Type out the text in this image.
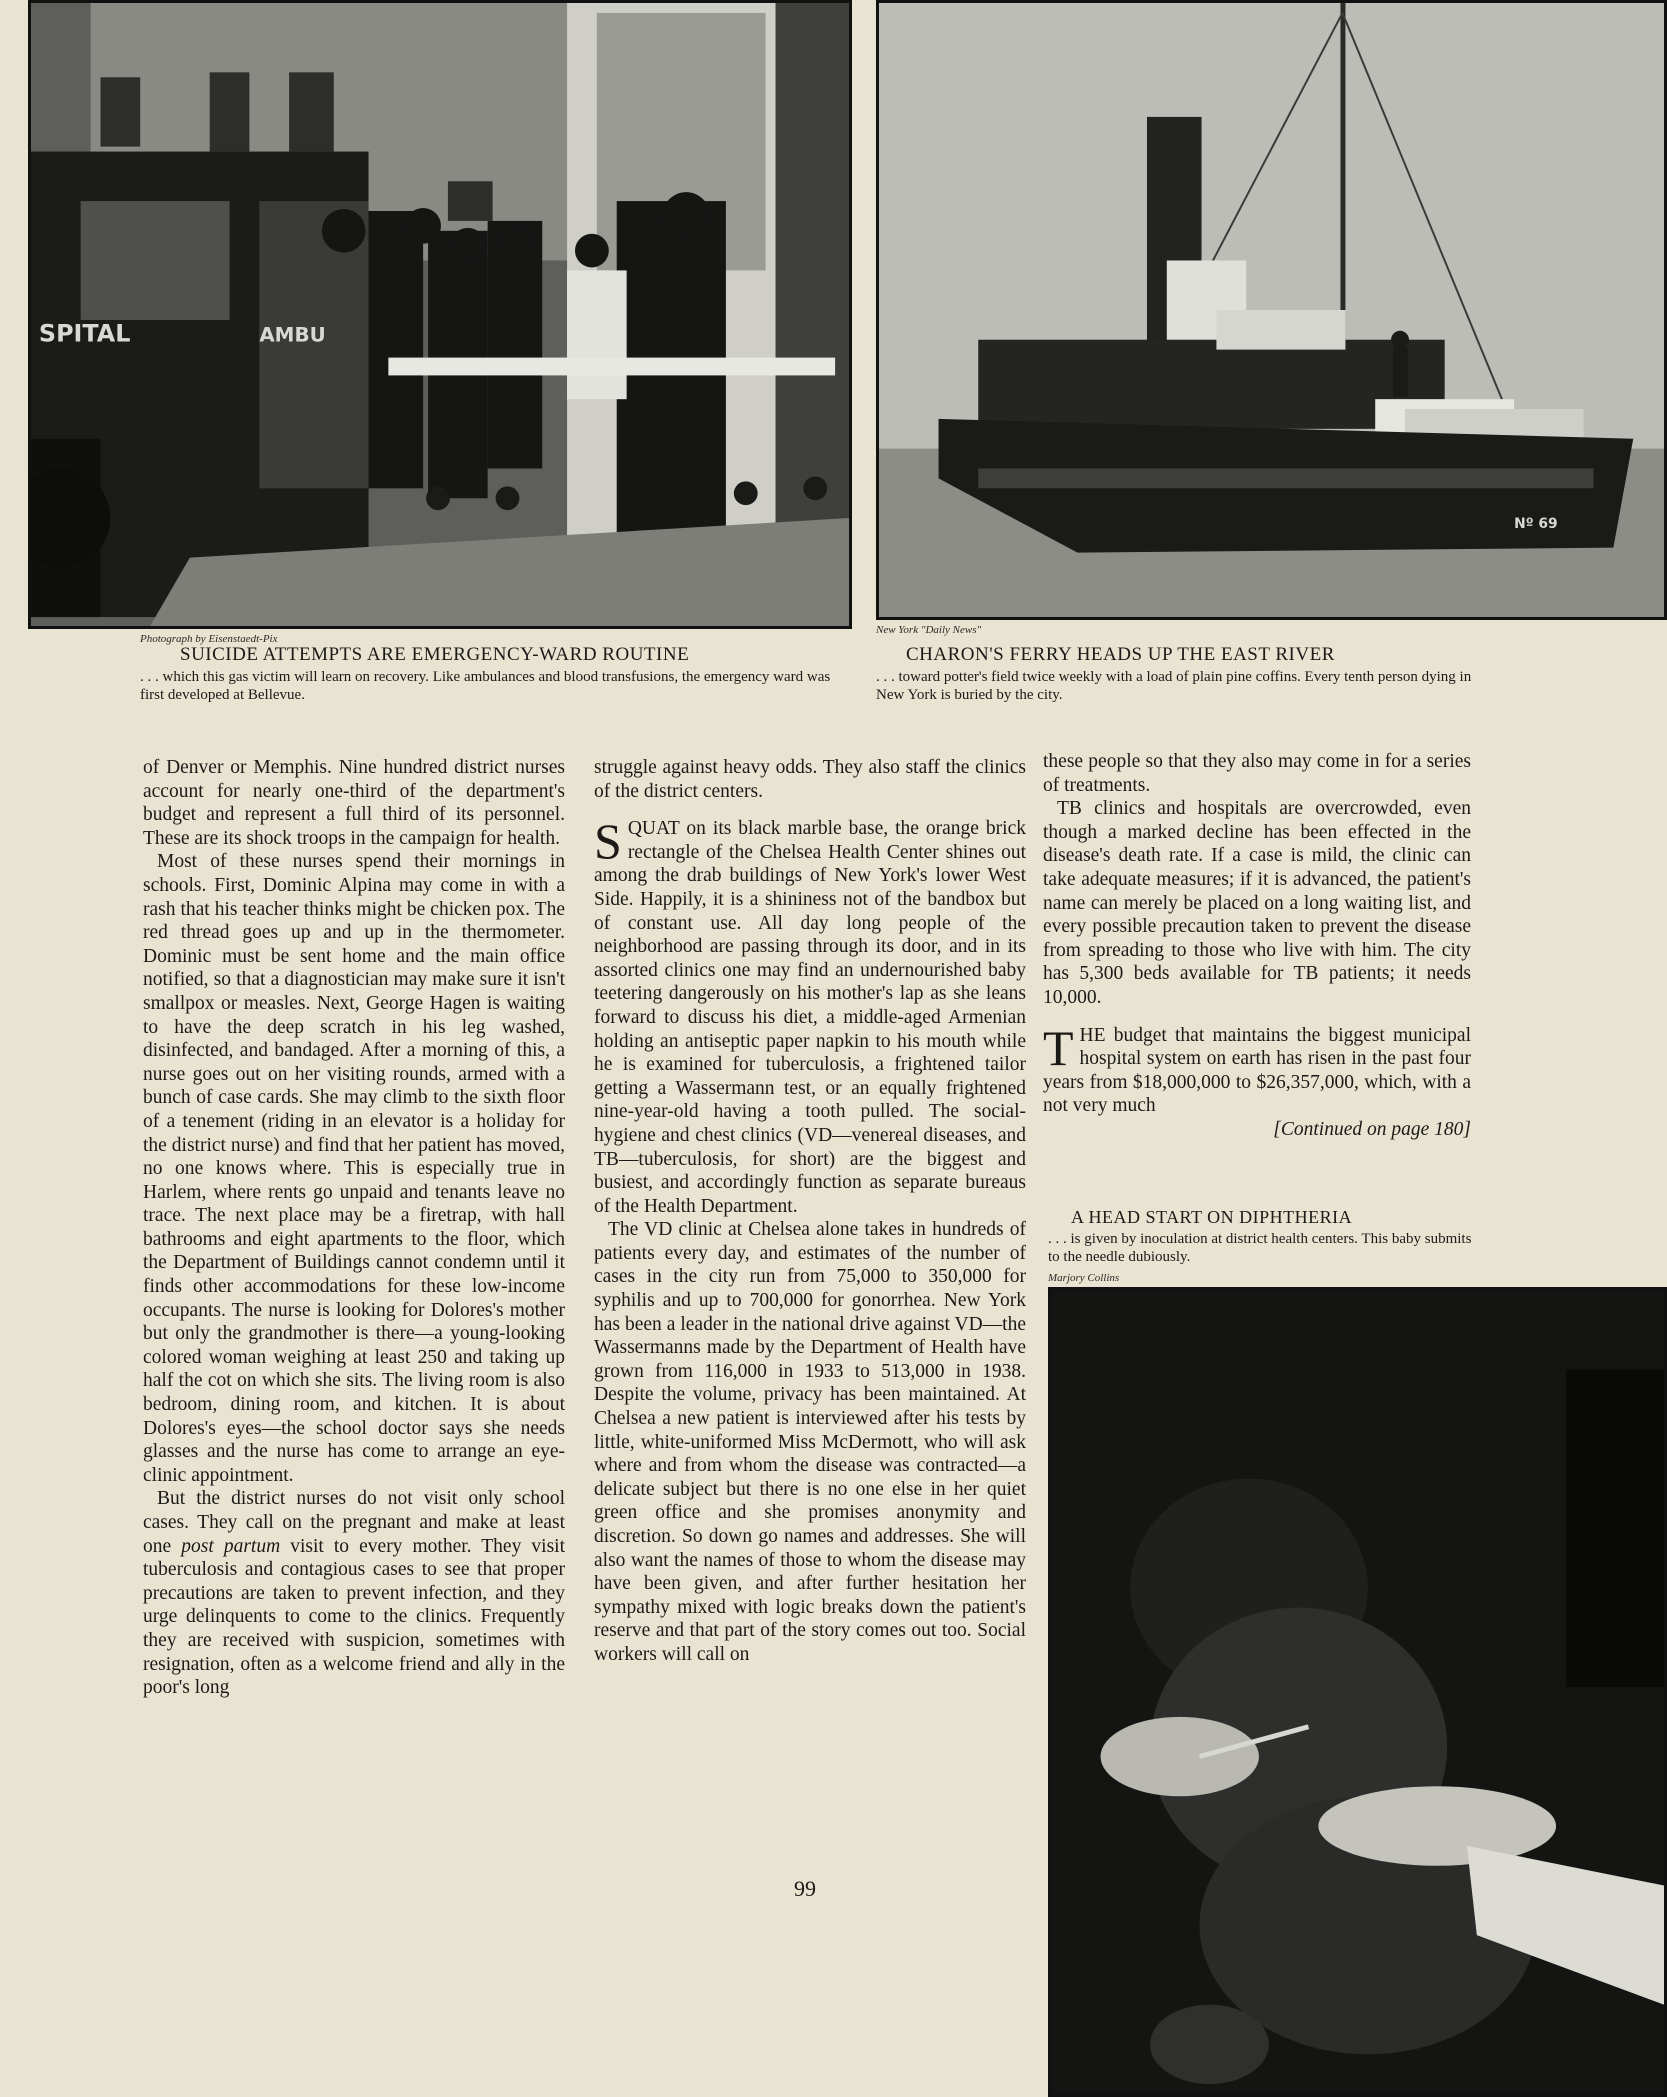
SPITAL	AMBU
Photograph by Eisenstaedt-Pix
SUICIDE ATTEMPTS ARE EMERGENCY-WARD ROUTINE
. . . which this gas victim will learn on recovery. Like ambulances and blood transfusions, the emergency ward was first developed at Bellevue.
Nº 69
New York "Daily News"
CHARON'S FERRY HEADS UP THE EAST RIVER
. . . toward potter's field twice weekly with a load of plain pine coffins. Every tenth person dying in New York is buried by the city.

of Denver or Memphis. Nine hundred district nurses account for nearly one-third of the department's budget and represent a full third of its personnel. These are its shock troops in the campaign for health.

Most of these nurses spend their mornings in schools. First, Dominic Alpina may come in with a rash that his teacher thinks might be chicken pox. The red thread goes up and up in the thermometer. Dominic must be sent home and the main office notified, so that a diagnostician may make sure it isn't smallpox or measles. Next, George Hagen is waiting to have the deep scratch in his leg washed, disinfected, and bandaged. After a morning of this, a nurse goes out on her visiting rounds, armed with a bunch of case cards. She may climb to the sixth floor of a tenement (riding in an elevator is a holiday for the district nurse) and find that her patient has moved, no one knows where. This is especially true in Harlem, where rents go unpaid and tenants leave no trace. The next place may be a firetrap, with hall bathrooms and eight apartments to the floor, which the Department of Buildings cannot condemn until it finds other accommodations for these low-income occupants. The nurse is looking for Dolores's mother but only the grandmother is there—a young-looking colored woman weighing at least 250 and taking up half the cot on which she sits. The living room is also bedroom, dining room, and kitchen. It is about Dolores's eyes—the school doctor says she needs glasses and the nurse has come to arrange an eye-clinic appointment.

But the district nurses do not visit only school cases. They call on the pregnant and make at least one post partum visit to every mother. They visit tuberculosis and contagious cases to see that proper precautions are taken to prevent infection, and they urge delinquents to come to the clinics. Frequently they are received with suspicion, sometimes with resignation, often as a welcome friend and ally in the poor's long

struggle against heavy odds. They also staff the clinics of the district centers.

SQUAT on its black marble base, the orange brick rectangle of the Chelsea Health Center shines out among the drab buildings of New York's lower West Side. Happily, it is a shininess not of the bandbox but of constant use. All day long people of the neighborhood are passing through its door, and in its assorted clinics one may find an undernourished baby teetering dangerously on his mother's lap as she leans forward to discuss his diet, a middle-aged Armenian holding an antiseptic paper napkin to his mouth while he is examined for tuberculosis, a frightened tailor getting a Wassermann test, or an equally frightened nine-year-old having a tooth pulled. The social-hygiene and chest clinics (VD—venereal diseases, and TB—tuberculosis, for short) are the biggest and busiest, and accordingly function as separate bureaus of the Health Department.

The VD clinic at Chelsea alone takes in hundreds of patients every day, and estimates of the number of cases in the city run from 75,000 to 350,000 for syphilis and up to 700,000 for gonorrhea. New York has been a leader in the national drive against VD—the Wassermanns made by the Department of Health have grown from 116,000 in 1933 to 513,000 in 1938. Despite the volume, privacy has been maintained. At Chelsea a new patient is interviewed after his tests by little, white-uniformed Miss McDermott, who will ask where and from whom the disease was contracted—a delicate subject but there is no one else in her quiet green office and she promises anonymity and discretion. So down go names and addresses. She will also want the names of those to whom the disease may have been given, and after further hesitation her sympathy mixed with logic breaks down the patient's reserve and that part of the story comes out too. Social workers will call on

these people so that they also may come in for a series of treatments.

TB clinics and hospitals are overcrowded, even though a marked decline has been effected in the disease's death rate. If a case is mild, the clinic can take adequate measures; if it is advanced, the patient's name can merely be placed on a long waiting list, and every possible precaution taken to prevent the disease from spreading to those who live with him. The city has 5,300 beds available for TB patients; it needs 10,000.

THE budget that maintains the biggest municipal hospital system on earth has risen in the past four years from $18,000,000 to $26,357,000, which, with a not very much

[Continued on page 180]

A HEAD START ON DIPHTHERIA
. . . is given by inoculation at district health centers. This baby submits to the needle dubiously.
Marjory Collins
99
